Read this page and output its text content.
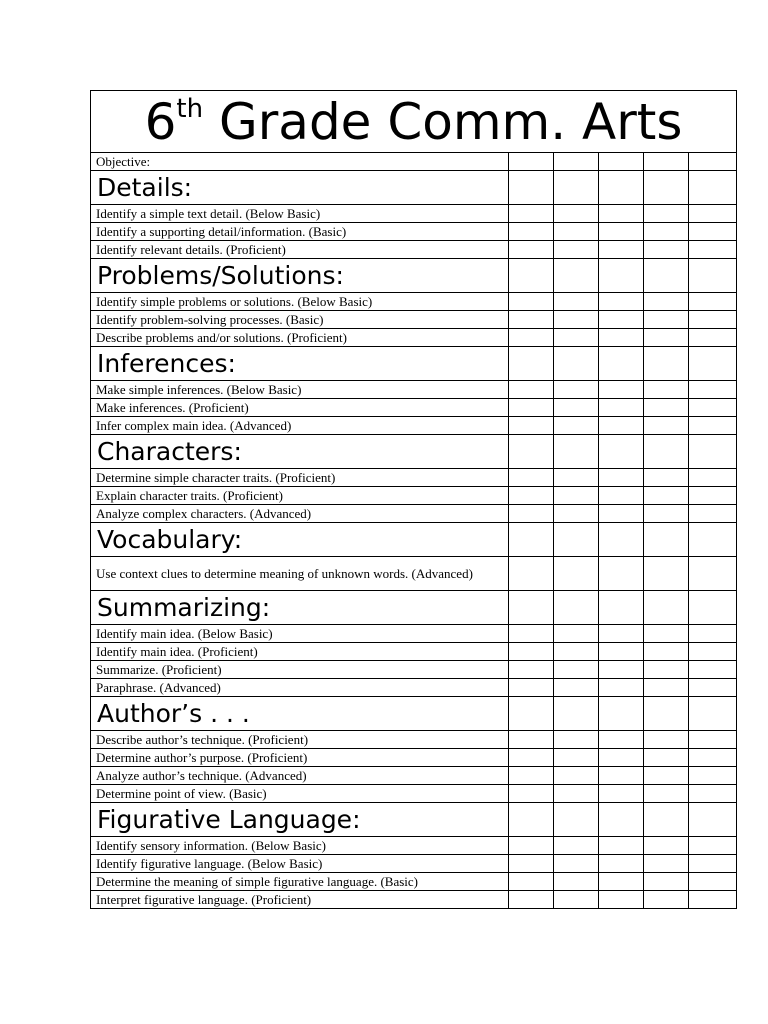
6th Grade Comm. Arts					
Objective:					
Details:					
Identify a simple text detail. (Below Basic)					
Identify a supporting detail/information. (Basic)					
Identify relevant details. (Proficient)					
Problems/Solutions:					
Identify simple problems or solutions. (Below Basic)					
Identify problem-solving processes. (Basic)					
Describe problems and/or solutions. (Proficient)					
Inferences:					
Make simple inferences. (Below Basic)					
Make inferences. (Proficient)					
Infer complex main idea. (Advanced)					
Characters:					
Determine simple character traits. (Proficient)					
Explain character traits. (Proficient)					
Analyze complex characters. (Advanced)					
Vocabulary:					
Use context clues to determine meaning of unknown words. (Advanced)					
Summarizing:					
Identify main idea. (Below Basic)					
Identify main idea. (Proficient)					
Summarize. (Proficient)					
Paraphrase. (Advanced)					
Author’s . . .					
Describe author’s technique. (Proficient)					
Determine author’s purpose. (Proficient)					
Analyze author’s technique. (Advanced)					
Determine point of view. (Basic)					
Figurative Language:					
Identify sensory information. (Below Basic)					
Identify figurative language. (Below Basic)					
Determine the meaning of simple figurative language. (Basic)					
Interpret figurative language. (Proficient)					
